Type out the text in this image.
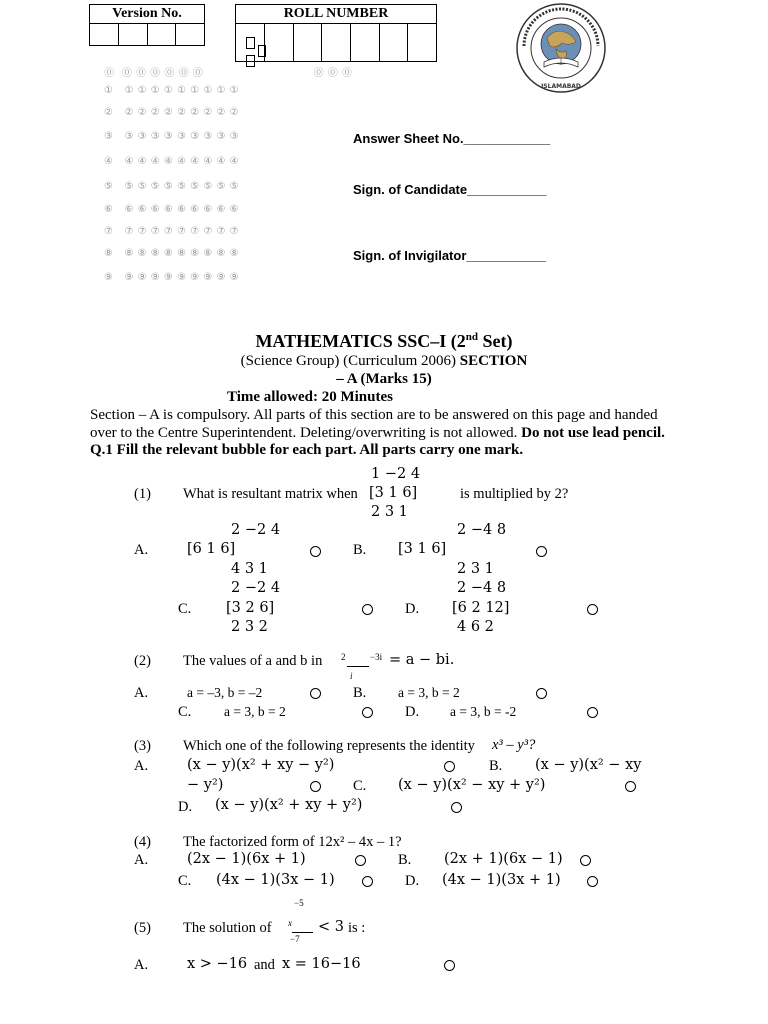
Version No.
				ROLL NUMBER

ISLAMABAD
⓪  ⓪ ⓪ ⓪ ⓪ ⓪ ⓪                              ⓪ ⓪ ⓪
①   ① ① ① ① ① ① ① ① ①
②   ② ② ② ② ② ② ② ② ②
③   ③ ③ ③ ③ ③ ③ ③ ③ ③
④   ④ ④ ④ ④ ④ ④ ④ ④ ④
⑤   ⑤ ⑤ ⑤ ⑤ ⑤ ⑤ ⑤ ⑤ ⑤
⑥   ⑥ ⑥ ⑥ ⑥ ⑥ ⑥ ⑥ ⑥ ⑥
⑦   ⑦ ⑦ ⑦ ⑦ ⑦ ⑦ ⑦ ⑦ ⑦
⑧   ⑧ ⑧ ⑧ ⑧ ⑧ ⑧ ⑧ ⑧ ⑧
⑨   ⑨ ⑨ ⑨ ⑨ ⑨ ⑨ ⑨ ⑨ ⑨
Answer Sheet No.____________
Sign. of Candidate___________
Sign. of Invigilator___________
MATHEMATICS SSC–I (2nd Set)
(Science Group) (Curriculum 2006) SECTION
– A (Marks 15)
Time allowed: 20 Minutes
Section – A is compulsory. All parts of this section are to be answered on this page and handed
over to the Centre Superintendent. Deleting/overwriting is not allowed. Do not use lead pencil.
Q.1 Fill the relevant bubble for each part. All parts carry one mark.
1 −2 4
(1) What is resultant matrix when [3 1 6]	is multiplied by 2?
2 3 1
2 −2 4	2 −4 8
A.	[6 1 6]	B. [3 1 6]
4 3 1	2 3 1
2 −2 4	2 −4 8
C. [3 2 6]	D. [6 2 12]
2 3 2	4 6 2
(2) The values of a and b in 2	−3i
i
= a − bi.
A.	a = –3, b = –2	B. a = 3, b = 2
C. a = 3, b = 2	D. a = 3, b = -2
(3) Which one of the following represents the identity x³ – y³?
A.	(x − y)(x² + xy − y²)	B. (x − y)(x² − xy
− y²)	C. (x − y)(x² − xy + y²)
D. (x − y)(x² + xy + y²)
(4) The factorized form of 12x² – 4x – 1?
A.	(2x − 1)(6x + 1)	B. (2x + 1)(6x − 1)
C. (4x − 1)(3x − 1)	D. (4x − 1)(3x + 1)
−5
(5) The solution of x
−7
< 3 is :
A.	x > −16 and x = 16−16
